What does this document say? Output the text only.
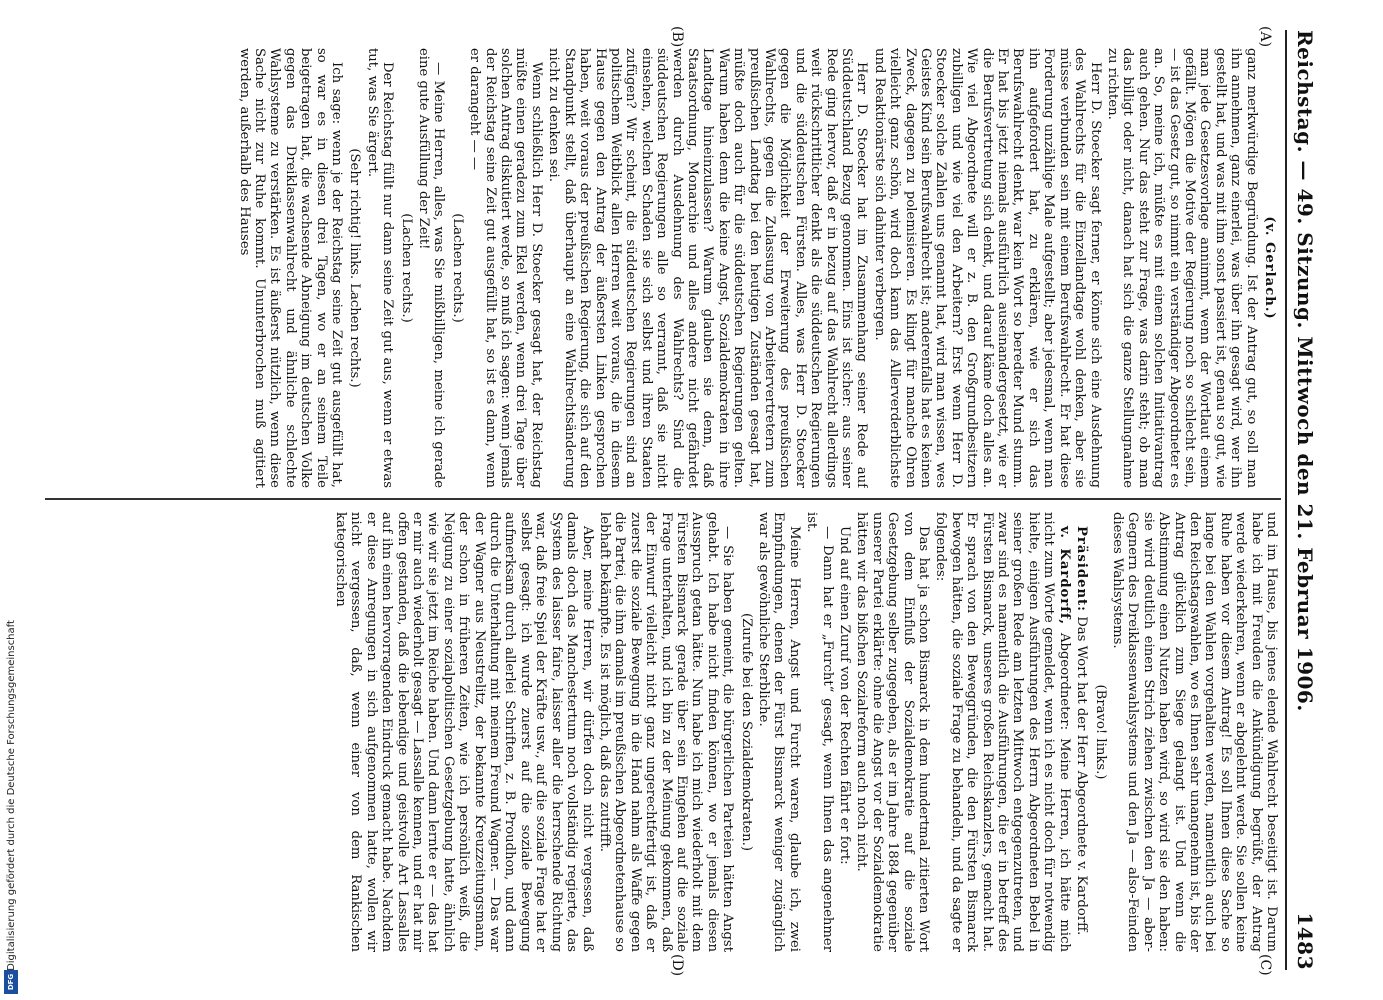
Digitalisierung gefördert durch die Deutsche Forschungsgemeinschaft
DFG
Reichstag. — 49. Sitzung. Mittwoch den 21. Februar 1906.
1483
(A)
(B)
(C)
(D)

(v. Gerlach.)

ganz merkwürdige Begründung. Ist der Antrag gut, so soll man ihn annehmen, ganz einerlei, was über ihn gesagt wird, wer ihn gestellt hat, und was mit ihm sonst passiert ist, genau so gut, wie man jede Gesetzesvorlage annimmt, wenn der Wortlaut einem gefällt. Mögen die Motive der Regierung noch so schlecht sein, — ist das Gesetz gut, so nimmt ein verständiger Abgeordneter es an. So, meine ich, müßte es mit einem solchen Initiativantrag auch gehen. Nur das steht zur Frage, was darin steht; ob man das billigt oder nicht, danach hat sich die ganze Stellungnahme zu richten.

Herr D. Stoecker sagt ferner, er könne sich eine Ausdehnung des Wahlrechts für die Einzellandtage wohl denken, aber sie müsse verbunden sein mit einem Berufswahlrecht. Er hat diese Forderung unzählige Male aufgestellt; aber jedesmal, wenn man ihn aufgefordert hat, zu erklären, wie er sich das Berufswahlrecht denkt, war kein Wort so beredter Mund stumm. Er hat bis jetzt niemals ausführlich auseinandergesetzt, wie er die Berufsvertretung sich denkt, und darauf käme doch alles an. Wie viel Abgeordnete will er z. B. den Großgrundbesitzern zubilligen und wie viel den Arbeitern? Erst wenn Herr D. Stoecker solche Zahlen uns genannt hat, wird man wissen, wes Geistes Kind sein Berufswahlrecht ist; anderenfalls hat es keinen Zweck, dagegen zu polemisieren. Es klingt für manche Ohren vielleicht ganz schön, wird doch kann das Allerverderblichste und Reaktionärste sich dahinter verbergen.

Herr D. Stoecker hat im Zusammenhang seiner Rede auf Süddeutschland Bezug genommen. Eins ist sicher: aus seiner Rede ging hervor, daß er in bezug auf das Wahlrecht allerdings weit rückschrittlicher denkt als die süddeutschen Regierungen und die süddeutschen Fürsten. Alles, was Herr D. Stoecker gegen die Möglichkeit der Erweiterung des preußischen Wahlrechts, gegen die Zulassung von Arbeitervertretern zum preußischen Landtag bei den heutigen Zuständen gesagt hat, müßte doch auch für die süddeutschen Regierungen gelten. Warum haben denn die keine Angst, Sozialdemokraten in ihre Landtage hineinzulassen? Warum glauben sie denn, daß Staatsordnung, Monarchie und alles andere nicht gefährdet werden durch Ausdehnung des Wahlrechts? Sind die süddeutschen Regierungen alle so verrannt, daß sie nicht einsehen, welchen Schaden sie sich selbst und ihren Staaten zufügen? Wir scheint, die süddeutschen Regierungen sind an politischem Weitblick allen Herren weit voraus, die in diesem Hause gegen den Antrag der äußersten Linken gesprochen haben, weit voraus der preußischen Regierung, die sich auf den Standpunkt stellt, daß überhaupt an eine Wahlrechtsänderung nicht zu denken sei.

Wenn schließlich Herr D. Stoecker gesagt hat, der Reichstag müßte einen geradezu zum Ekel werden, wenn drei Tage über solchen Antrag diskutiert werde, so muß ich sagen: wenn jemals der Reichstag seine Zeit gut ausgefüllt hat, so ist es dann, wenn er darangeht — —

(Lachen rechts.)

— Meine Herren, alles, was Sie mißbilligen, meine ich gerade eine gute Ausfüllung der Zeit!

(Lachen rechts.)

Der Reichstag füllt nur dann seine Zeit gut aus, wenn er etwas tut, was Sie ärgert.

(Sehr richtig! links. Lachen rechts.)

Ich sage: wenn je der Reichstag seine Zeit gut ausgefüllt hat, so war es in diesen drei Tagen, wo er an seinem Teile beigetragen hat, die wachsende Abneigung im deutschen Volke gegen das Dreiklassenwahlrecht und ähnliche schlechte Wahlsysteme zu verstärken. Es ist äußerst nützlich, wenn diese Sache nicht zur Ruhe kommt. Ununterbrochen muß agitiert werden, außerhalb des Hauses

und im Hause, bis jenes elende Wahlrecht beseitigt ist. Darum habe ich mit Freuden die Ankündigung begrüßt, der Antrag werde wiederkehren, wenn er abgelehnt werde. Sie sollen keine Ruhe haben vor diesem Antrag! Es soll Ihnen diese Sache so lange bei den Wahlen vorgehalten werden, namentlich auch bei den Reichstagswahlen, wo es Ihnen sehr unangenehm ist, bis der Antrag glücklich zum Siege gelangt ist. Und wenn die Abstimmung einen Nutzen haben wird, so wird sie den haben: sie wird deutlich einen Strich ziehen zwischen den Ja — aber-Gegnern des Dreiklassenwahlsystems und den Ja — also-Feinden dieses Wahlsystems.

(Bravo! links.)

Präsident: Das Wort hat der Herr Abgeordnete v. Kardorff.

v. Kardorff, Abgeordneter: Meine Herren, ich hätte mich nicht zum Worte gemeldet, wenn ich es nicht doch für notwendig hielte, einigen Ausführungen des Herrn Abgeordneten Bebel in seiner großen Rede am letzten Mittwoch entgegenzutreten, und zwar sind es namentlich die Ausführungen, die er in betreff des Fürsten Bismarck, unseres großen Reichskanzlers, gemacht hat. Er sprach von den Beweggründen, die den Fürsten Bismarck bewogen hätten, die soziale Frage zu behandeln, und da sagte er folgendes:

Das hat ja schon Bismarck in dem hundertmal zitierten Wort von dem Einfluß der Sozialdemokratie auf die soziale Gesetzgebung selber zugegeben, als er im Jahre 1884 gegenüber unserer Partei erklärte: ohne die Angst vor der Sozialdemokratie hätten wir das bißchen Sozialreform auch noch nicht.

Und auf einen Zuruf von der Rechten fährt er fort:

— Dann hat er „Furcht“ gesagt, wenn Ihnen das angenehmer ist.

Meine Herren, Angst und Furcht waren, glaube ich, zwei Empfindungen, denen der Fürst Bismarck weniger zugänglich war als gewöhnliche Sterbliche.

(Zurufe bei den Sozialdemokraten.)

— Sie haben gemeint, die bürgerlichen Parteien hätten Angst gehabt. Ich habe nicht finden können, wo er jemals diesen Ausspruch getan hätte. Nun habe ich mich wiederholt mit dem Fürsten Bismarck gerade über sein Eingehen auf die soziale Frage unterhalten, und ich bin zu der Meinung gekommen, daß der Einwurf vielleicht nicht ganz ungerechtfertigt ist, daß er zuerst die soziale Bewegung in die Hand nahm als Waffe gegen die Partei, die ihm damals im preußischen Abgeordnetenhause so lebhaft bekämpfte. Es ist möglich, daß das zutrifft.

Aber, meine Herren, wir dürfen doch nicht vergessen, daß damals doch das Manchestertum noch vollständig regierte, das System des laisser faire, laisser aller die herrschende Richtung war, daß freie Spiel der Kräfte usw., auf die soziale Frage hat er selbst gesagt: ich wurde zuerst auf die soziale Bewegung aufmerksam durch allerlei Schriften, z. B. Proudhon, und dann durch die Unterhaltung mit meinem Freund Wagner. — Das war der Wagner aus Neustrelitz, der bekannte Kreuzzeitungsmann, der schon in früheren Zeiten, wie ich persönlich weiß, die Neigung zu einer sozialpolitischen Gesetzgebung hatte, ähnlich wie wir sie jetzt im Reiche haben. Und dann lernte er — das hat er mir auch wiederholt gesagt — Lassalle kennen, und er hat mir offen gestanden, daß die lebendige und geistvolle Art Lassalles auf ihn einen hervorragenden Eindruck gemacht habe. Nachdem er diese Anregungen in sich aufgenommen hatte, wollen wir nicht vergessen, daß, wenn einer von dem Rankischen kategorischen
